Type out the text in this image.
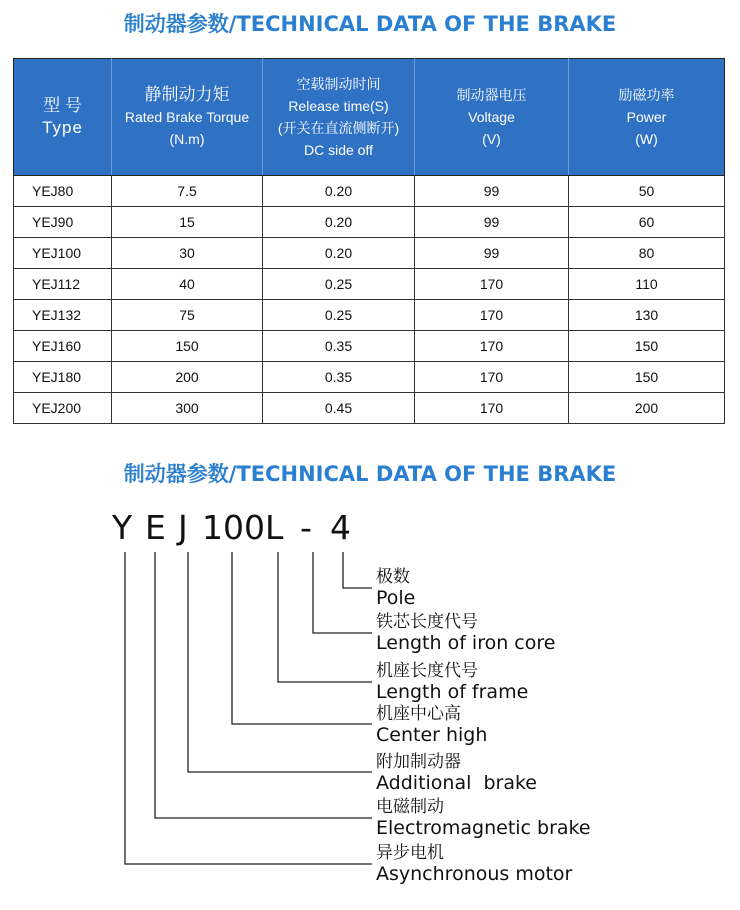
制动器参数/TECHNICAL DATA OF THE BRAKE
型 号
Type	静制动力矩
Rated Brake Torque
(N.m)	空载制动时间
Release time(S)
(开关在直流侧断开)
DC side off	制动器电压
Voltage
(V)	励磁功率
Power
(W)
YEJ80	7.5	0.20	99	50
YEJ90	15	0.20	99	60
YEJ100	30	0.20	99	80
YEJ112	40	0.25	170	110
YEJ132	75	0.25	170	130
YEJ160	150	0.35	170	150
YEJ180	200	0.35	170	150
YEJ200	300	0.45	170	200
制动器参数/TECHNICAL DATA OF THE BRAKE
Y E J 100 L - 4
极数
Pole
铁芯长度代号
Length of iron core
机座长度代号
Length of frame
机座中心高
Center high
附加制动器
Additional  brake
电磁制动
Electromagnetic brake
异步电机
Asynchronous motor
